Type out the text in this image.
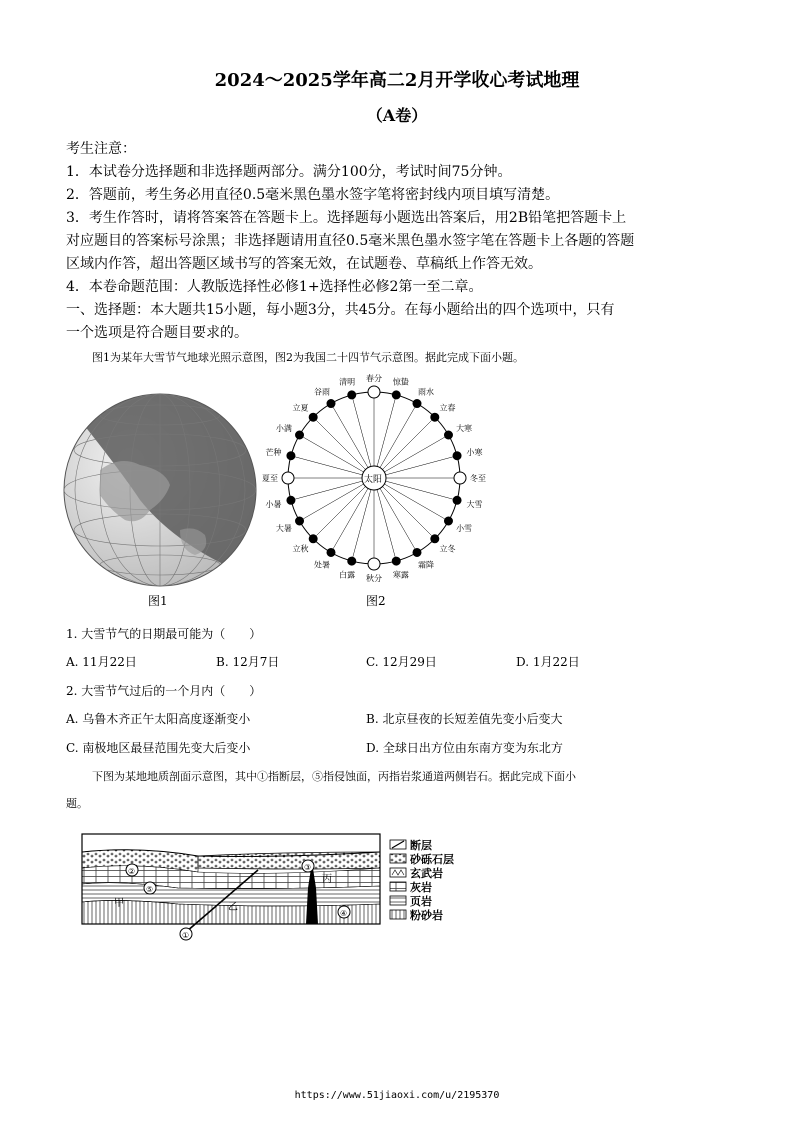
2024～2025学年高二2月开学收心考试地理
（A卷）
考生注意：
1．本试卷分选择题和非选择题两部分。满分100分，考试时间75分钟。
2．答题前，考生务必用直径0.5毫米黑色墨水签字笔将密封线内项目填写清楚。
3．考生作答时，请将答案答在答题卡上。选择题每小题选出答案后，用2B铅笔把答题卡上
对应题目的答案标号涂黑；非选择题请用直径0.5毫米黑色墨水签字笔在答题卡上各题的答题
区域内作答，超出答题区域书写的答案无效，在试题卷、草稿纸上作答无效。
4．本卷命题范围：人教版选择性必修1+选择性必修2第一至二章。
一、选择题：本大题共15小题，每小题3分，共45分。在每小题给出的四个选项中，只有
一个选项是符合题目要求的。
图1为某年大雪节气地球光照示意图，图2为我国二十四节气示意图。据此完成下面小题。
图1
太阳
春分
清明
谷雨
立夏
小满
芒种
夏至
小暑
大暑
立秋
处暑
白露 秋分 寒露
霜降
立冬
小雪
大雪
冬至
小寒
大寒
立春
雨水
惊蛰
图2
1. 大雪节气的日期最可能为（　　）
A. 11月22日	B. 12月7日	C. 12月29日	D. 1月22日
2. 大雪节气过后的一个月内（　　）
A. 乌鲁木齐正午太阳高度逐渐变小	B. 北京昼夜的长短差值先变小后变大
C. 南极地区最昼范围先变大后变小	D. 全球日出方位由东南方变为东北方
下图为某地地质剖面示意图，其中①指断层，⑤指侵蚀面，丙指岩浆通道两侧岩石。据此完成下面小
题。
③
②
⑤
④
①
甲	乙
丙
断层
砂砾石层
玄武岩
灰岩
页岩
粉砂岩
https://www.51jiaoxi.com/u/2195370
